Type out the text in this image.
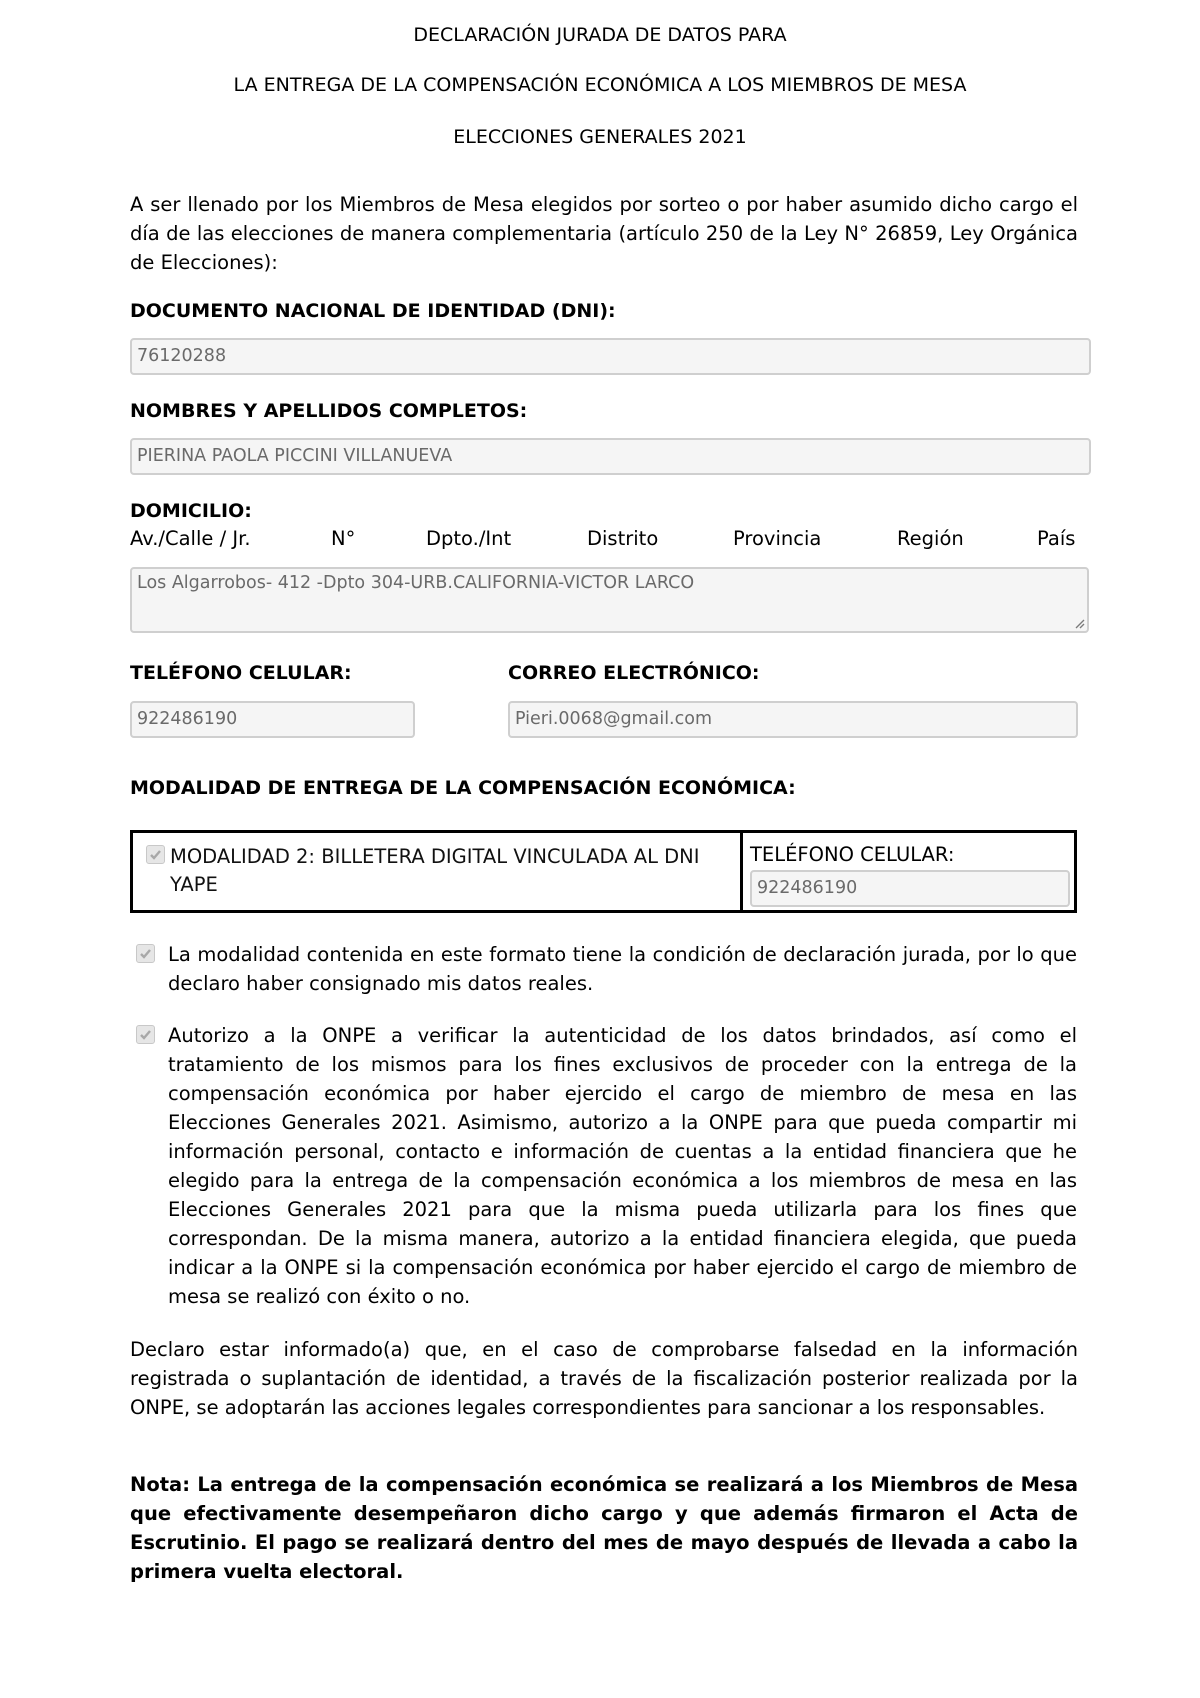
DECLARACIÓN JURADA DE DATOS PARA
LA ENTREGA DE LA COMPENSACIÓN ECONÓMICA A LOS MIEMBROS DE MESA
ELECCIONES GENERALES 2021

A ser llenado por los Miembros de Mesa elegidos por sorteo o por haber asumido dicho cargo el día de las elecciones de manera complementaria (artículo 250 de la Ley N° 26859, Ley Orgánica de Elecciones):

DOCUMENTO NACIONAL DE IDENTIDAD (DNI):

76120288

NOMBRES Y APELLIDOS COMPLETOS:

PIERINA PAOLA PICCINI VILLANUEVA

DOMICILIO:

Av./Calle / Jr.	N°	Dpto./Int	Distrito	Provincia	Región	País
Los Algarrobos- 412 -Dpto 304-URB.CALIFORNIA-VICTOR LARCO

TELÉFONO CELULAR:

922486190

CORREO ELECTRÓNICO:

Pieri.0068@gmail.com

MODALIDAD DE ENTREGA DE LA COMPENSACIÓN ECONÓMICA:

MODALIDAD 2: BILLETERA DIGITAL VINCULADA AL DNI YAPE

TELÉFONO CELULAR:

922486190

La modalidad contenida en este formato tiene la condición de declaración jurada, por lo que declaro haber consignado mis datos reales.

Autorizo a la ONPE a verificar la autenticidad de los datos brindados, así como el tratamiento de los mismos para los fines exclusivos de proceder con la entrega de la compensación económica por haber ejercido el cargo de miembro de mesa en las Elecciones Generales 2021. Asimismo, autorizo a la ONPE para que pueda compartir mi información personal, contacto e información de cuentas a la entidad financiera que he elegido para la entrega de la compensación económica a los miembros de mesa en las Elecciones Generales 2021 para que la misma pueda utilizarla para los fines que correspondan. De la misma manera, autorizo a la entidad financiera elegida, que pueda indicar a la ONPE si la compensación económica por haber ejercido el cargo de miembro de mesa se realizó con éxito o no.

Declaro estar informado(a) que, en el caso de comprobarse falsedad en la información registrada o suplantación de identidad, a través de la fiscalización posterior realizada por la ONPE, se adoptarán las acciones legales correspondientes para sancionar a los responsables.

Nota: La entrega de la compensación económica se realizará a los Miembros de Mesa que efectivamente desempeñaron dicho cargo y que además firmaron el Acta de Escrutinio. El pago se realizará dentro del mes de mayo después de llevada a cabo la primera vuelta electoral.
